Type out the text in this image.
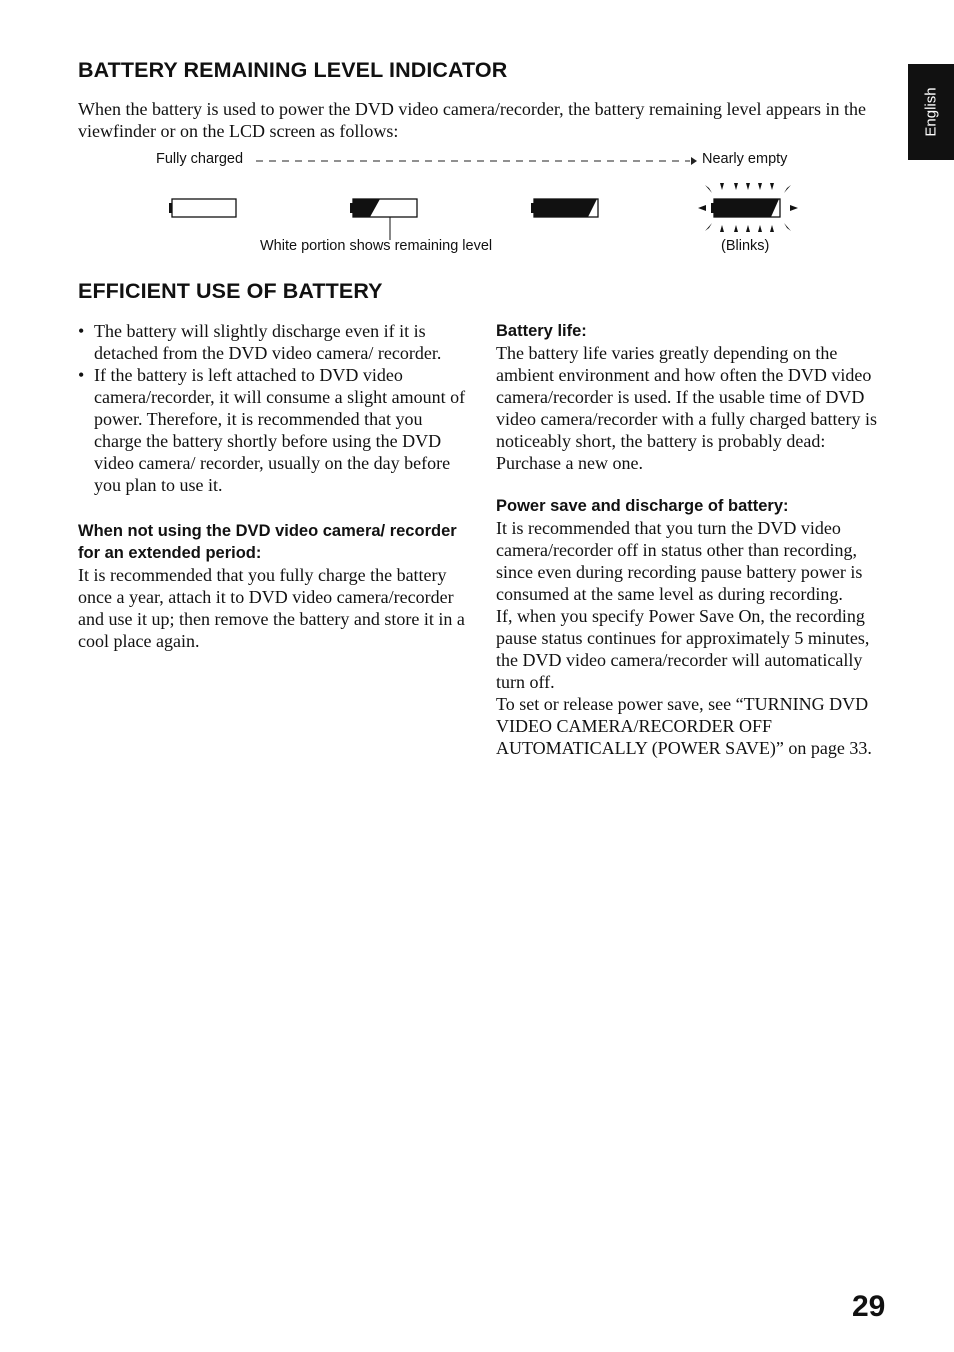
English
BATTERY REMAINING LEVEL INDICATOR
When the battery is used to power the DVD video camera/recorder, the battery remaining level appears in the viewfinder or on the LCD screen as follows:
Fully charged	Nearly empty
White portion shows remaining level	(Blinks)
EFFICIENT USE OF BATTERY
• The battery will slightly discharge even if it is detached from the DVD video camera/ recorder.
• If the battery is left attached to DVD video camera/recorder, it will consume a slight amount of power. Therefore, it is recommended that you charge the battery shortly before using the DVD video camera/ recorder, usually on the day before you plan to use it.
When not using the DVD video camera/ recorder for an extended period:
It is recommended that you fully charge the battery once a year, attach it to DVD video camera/recorder and use it up; then remove the battery and store it in a cool place again.
Battery life:
The battery life varies greatly depending on the ambient environment and how often the DVD video camera/recorder is used. If the usable time of DVD video camera/recorder with a fully charged battery is noticeably short, the battery is probably dead: Purchase a new one.
Power save and discharge of battery:
It is recommended that you turn the DVD video camera/recorder off in status other than recording, since even during recording pause battery power is consumed at the same level as during recording.
If, when you specify Power Save On, the recording pause status continues for approximately 5 minutes, the DVD video camera/recorder will automatically turn off.
To set or release power save, see “TURNING DVD VIDEO CAMERA/RECORDER OFF AUTOMATICALLY (POWER SAVE)” on page 33.
29
